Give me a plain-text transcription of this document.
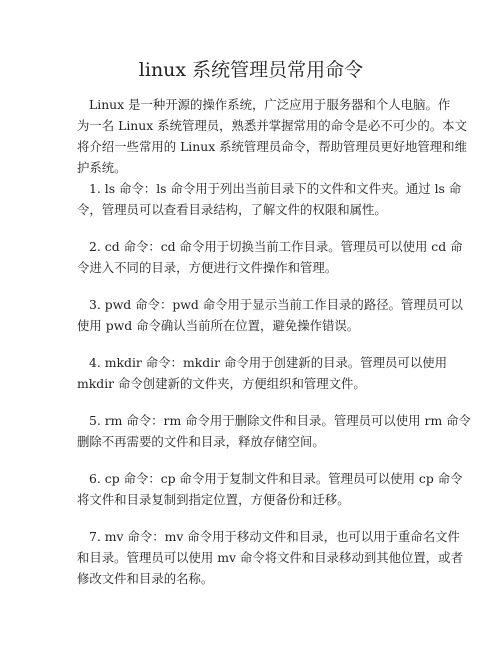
linux 系统管理员常用命令

Linux 是一种开源的操作系统，广泛应用于服务器和个人电脑。作
为一名 Linux 系统管理员，熟悉并掌握常用的命令是必不可少的。本文
将介绍一些常用的 Linux 系统管理员命令，帮助管理员更好地管理和维
护系统。

1. ls 命令：ls 命令用于列出当前目录下的文件和文件夹。通过 ls 命
令，管理员可以查看目录结构，了解文件的权限和属性。

2. cd 命令：cd 命令用于切换当前工作目录。管理员可以使用 cd 命
令进入不同的目录，方便进行文件操作和管理。

3. pwd 命令：pwd 命令用于显示当前工作目录的路径。管理员可以
使用 pwd 命令确认当前所在位置，避免操作错误。

4. mkdir 命令：mkdir 命令用于创建新的目录。管理员可以使用
mkdir 命令创建新的文件夹，方便组织和管理文件。

5. rm 命令：rm 命令用于删除文件和目录。管理员可以使用 rm 命令
删除不再需要的文件和目录，释放存储空间。

6. cp 命令：cp 命令用于复制文件和目录。管理员可以使用 cp 命令
将文件和目录复制到指定位置，方便备份和迁移。

7. mv 命令：mv 命令用于移动文件和目录，也可以用于重命名文件
和目录。管理员可以使用 mv 命令将文件和目录移动到其他位置，或者
修改文件和目录的名称。
